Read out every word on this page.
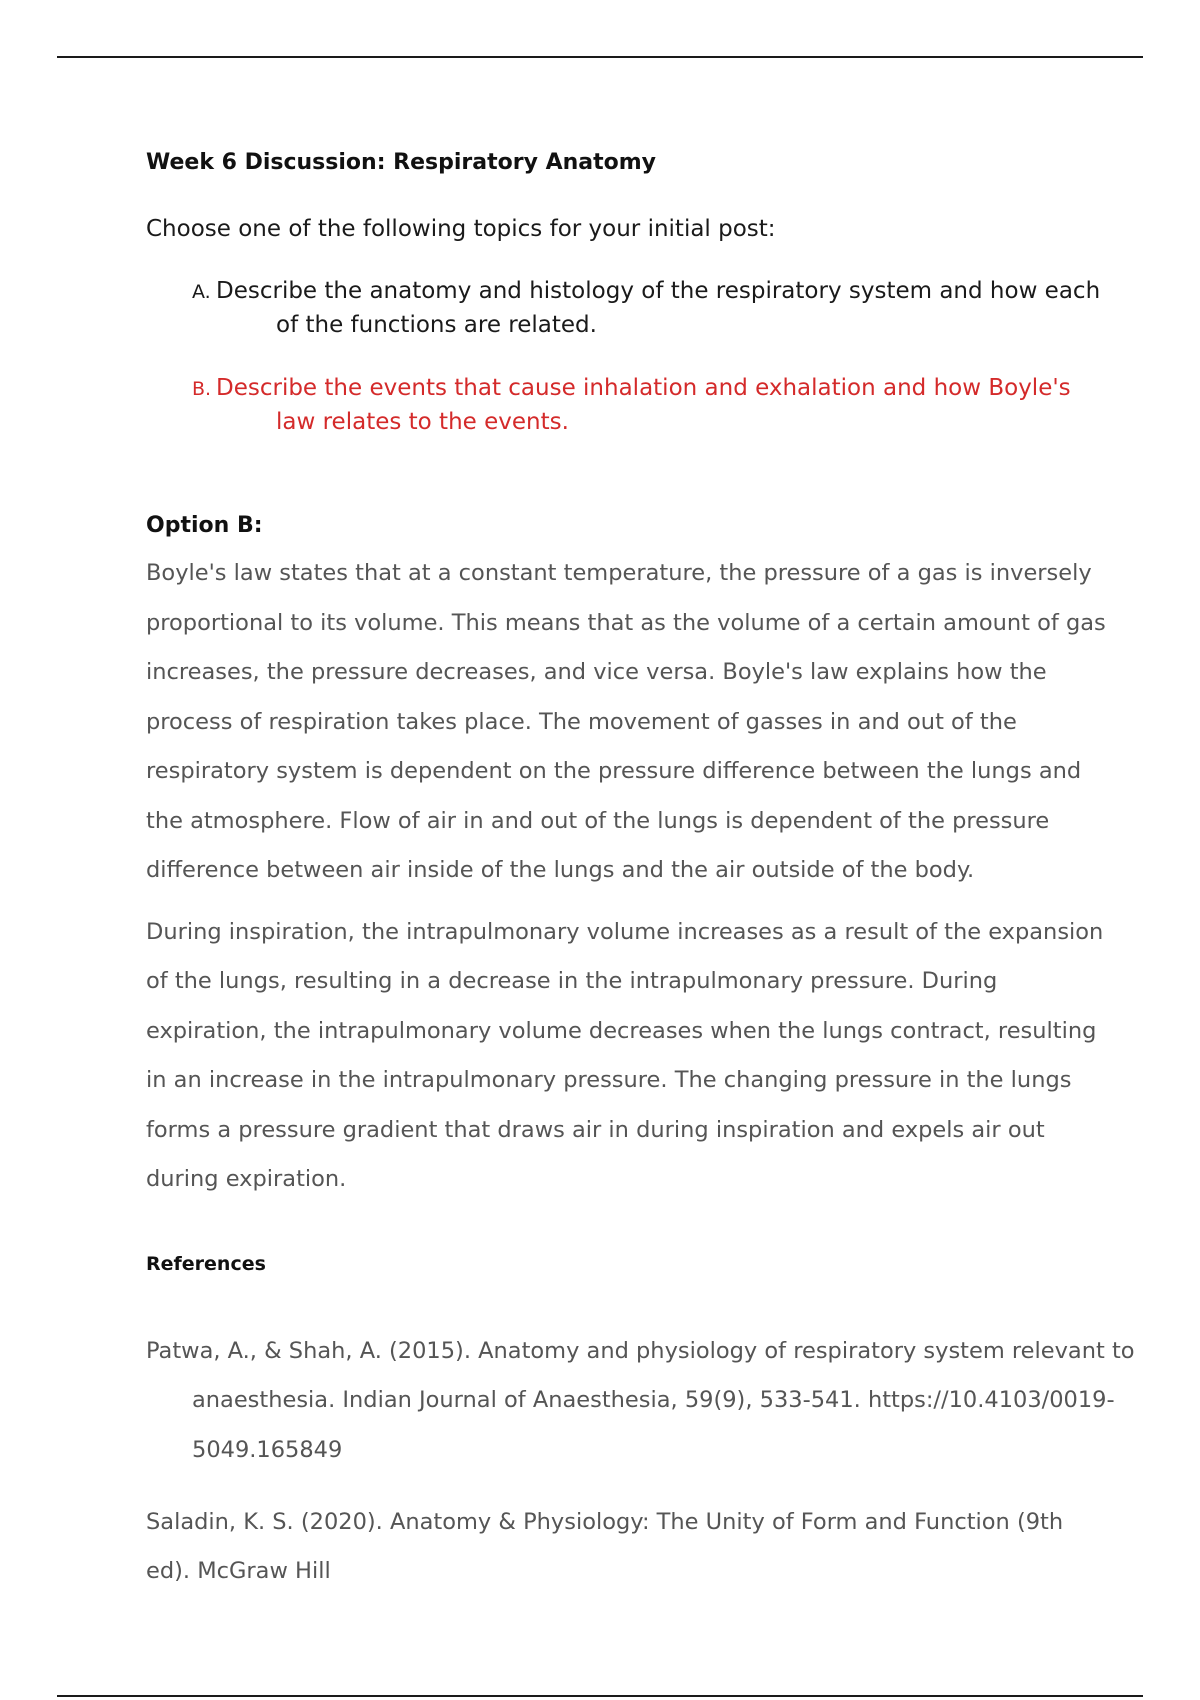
Week 6 Discussion: Respiratory Anatomy

Choose one of the following topics for your initial post:

A. Describe the anatomy and histology of the respiratory system and how each of the functions are related.
B. Describe the events that cause inhalation and exhalation and how Boyle's law relates to the events.
Option B:

Boyle's law states that at a constant temperature, the pressure of a gas is inversely proportional to its volume. This means that as the volume of a certain amount of gas increases, the pressure decreases, and vice versa. Boyle's law explains how the process of respiration takes place. The movement of gasses in and out of the respiratory system is dependent on the pressure difference between the lungs and the atmosphere. Flow of air in and out of the lungs is dependent of the pressure difference between air inside of the lungs and the air outside of the body.

During inspiration, the intrapulmonary volume increases as a result of the expansion of the lungs, resulting in a decrease in the intrapulmonary pressure. During expiration, the intrapulmonary volume decreases when the lungs contract, resulting in an increase in the intrapulmonary pressure. The changing pressure in the lungs forms a pressure gradient that draws air in during inspiration and expels air out during expiration.

References

Patwa, A., & Shah, A. (2015). Anatomy and physiology of respiratory system relevant to anaesthesia. Indian Journal of Anaesthesia, 59(9), 533-541. https://10.4103/0019- 5049.165849

Saladin, K. S. (2020). Anatomy & Physiology: The Unity of Form and Function (9th ed). McGraw Hill
